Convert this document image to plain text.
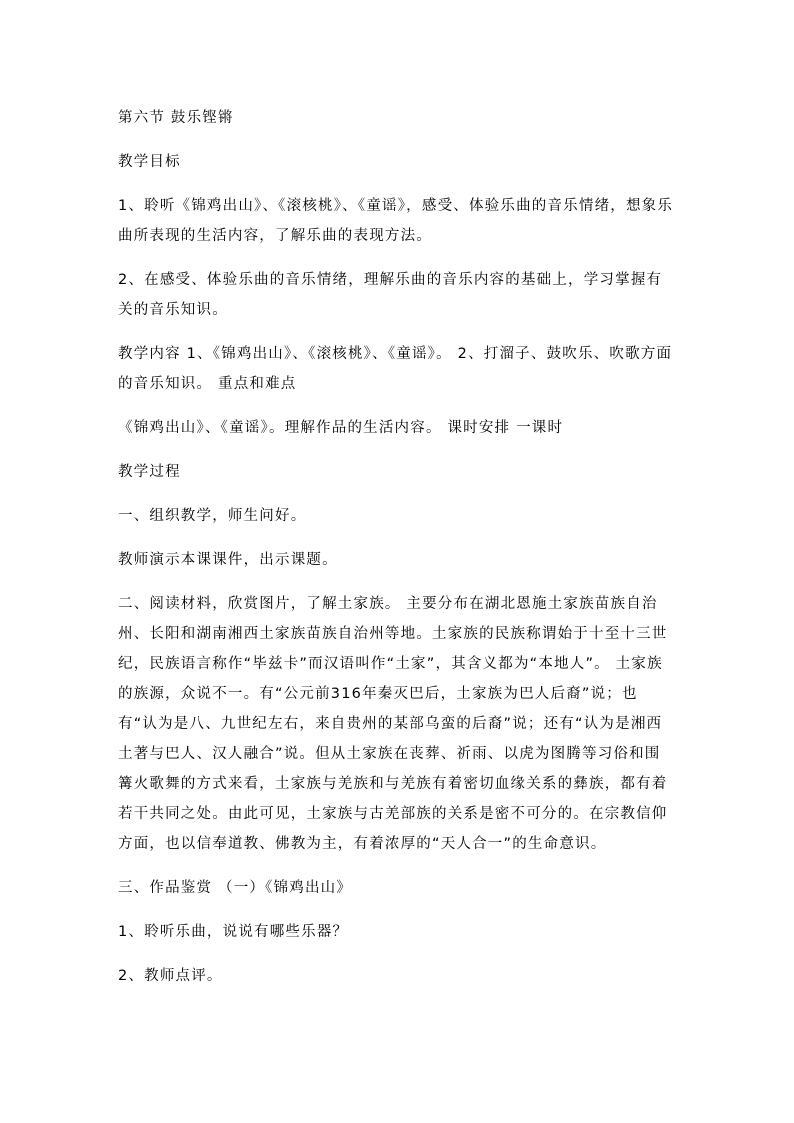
第六节 鼓乐铿锵

教学目标

1、聆听《锦鸡出山》、《滚核桃》、《童谣》，感受、体验乐曲的音乐情绪，想象乐曲所表现的生活内容，了解乐曲的表现方法。

2、在感受、体验乐曲的音乐情绪，理解乐曲的音乐内容的基础上，学习掌握有关的音乐知识。

教学内容 1、《锦鸡出山》、《滚核桃》、《童谣》。 2、打溜子、鼓吹乐、吹歌方面的音乐知识。 重点和难点

《锦鸡出山》、《童谣》。理解作品的生活内容。 课时安排 一课时

教学过程

一、组织教学，师生问好。

教师演示本课课件，出示课题。

二、阅读材料，欣赏图片，了解土家族。 主要分布在湖北恩施土家族苗族自治州、长阳和湖南湘西土家族苗族自治州等地。土家族的民族称谓始于十至十三世纪，民族语言称作“毕兹卡”而汉语叫作“土家”，其含义都为“本地人”。 土家族的族源，众说不一。有“公元前316年秦灭巴后，土家族为巴人后裔”说；也有“认为是八、九世纪左右，来自贵州的某部乌蛮的后裔”说；还有“认为是湘西土著与巴人、汉人融合”说。但从土家族在丧葬、祈雨、以虎为图腾等习俗和围篝火歌舞的方式来看，土家族与羌族和与羌族有着密切血缘关系的彝族，都有着若干共同之处。由此可见，土家族与古羌部族的关系是密不可分的。在宗教信仰方面，也以信奉道教、佛教为主，有着浓厚的“天人合一”的生命意识。

三、作品鉴赏 （一）《锦鸡出山》

1、聆听乐曲，说说有哪些乐器？

2、教师点评。
